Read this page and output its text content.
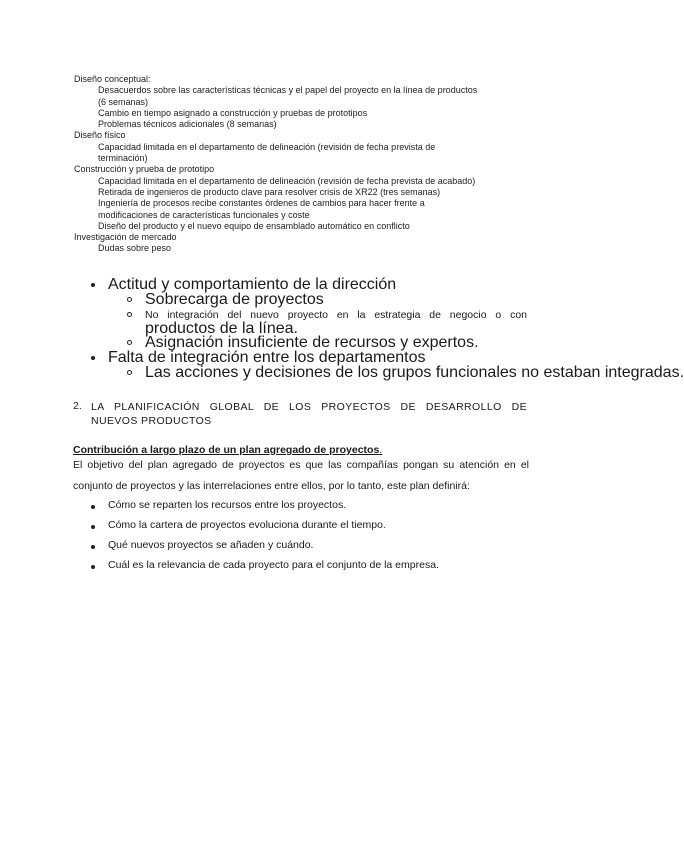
Diseño conceptual:
Desacuerdos sobre las características técnicas y el papel del proyecto en la línea de productos
(6 semanas)
Cambio en tiempo asignado a construcción y pruebas de prototipos
Problemas técnicos adicionales (8 semanas)
Diseño físico
Capacidad limitada en el departamento de delineación (revisión de fecha prevista de
terminación)
Construcción y prueba de prototipo
Capacidad limitada en el departamento de delineación (revisión de fecha prevista de acabado)
Retirada de ingenieros de producto clave para resolver crisis de XR22 (tres semanas)
Ingeniería de procesos recibe constantes órdenes de cambios para hacer frente a
modificaciones de características funcionales y coste
Diseño del producto y el nuevo equipo de ensamblado automático en conflicto
Investigación de mercado
Dudas sobre peso
Actitud y comportamiento de la dirección
Sobrecarga de proyectos
No integración del nuevo proyecto en la estrategia de negocio o con
productos de la línea.
Asignación insuficiente de recursos y expertos.
Falta de integración entre los departamentos
Las acciones y decisiones de los grupos funcionales no estaban integradas.
2. LA PLANIFICACIÓN GLOBAL DE LOS PROYECTOS DE DESARROLLO DE
NUEVOS PRODUCTOS
Contribución a largo plazo de un plan agregado de proyectos.
El objetivo del plan agregado de proyectos es que las compañías pongan su atención en el conjunto de proyectos y las interrelaciones entre ellos, por lo tanto, este plan definirá:
Cómo se reparten los recursos entre los proyectos.
Cómo la cartera de proyectos evoluciona durante el tiempo.
Qué nuevos proyectos se añaden y cuándo.
Cuál es la relevancia de cada proyecto para el conjunto de la empresa.
